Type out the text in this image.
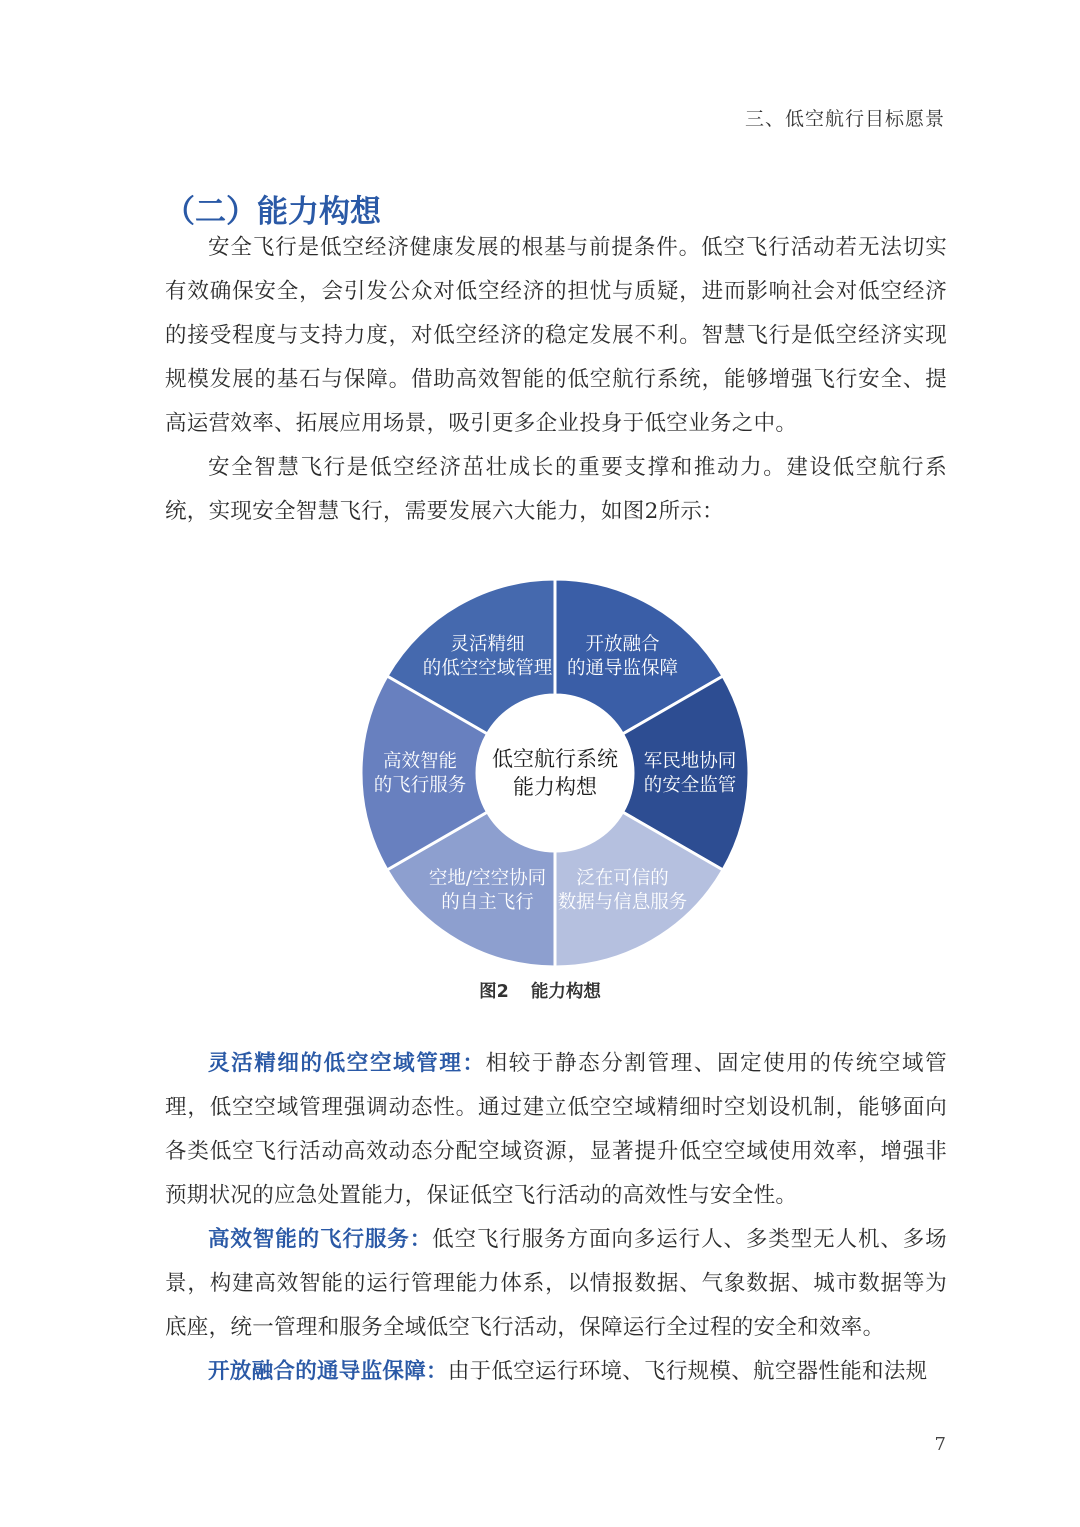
三、低空航行目标愿景
（二）能力构想

安全飞行是低空经济健康发展的根基与前提条件。低空飞行活动若无法切实有效确保安全，会引发公众对低空经济的担忧与质疑，进而影响社会对低空经济的接受程度与支持力度，对低空经济的稳定发展不利。智慧飞行是低空经济实现规模发展的基石与保障。借助高效智能的低空航行系统，能够增强飞行安全、提高运营效率、拓展应用场景，吸引更多企业投身于低空业务之中。

安全智慧飞行是低空经济茁壮成长的重要支撑和推动力。建设低空航行系统，实现安全智慧飞行，需要发展六大能力，如图2所示：

低空航行系统
能力构想
灵活精细
的低空空域管理
开放融合
的通导监保障
军民地协同
的安全监管
泛在可信的
数据与信息服务
空地/空空协同
的自主飞行
高效智能
的飞行服务
图2 能力构想

灵活精细的低空空域管理：相较于静态分割管理、固定使用的传统空域管理，低空空域管理强调动态性。通过建立低空空域精细时空划设机制，能够面向各类低空飞行活动高效动态分配空域资源，显著提升低空空域使用效率，增强非预期状况的应急处置能力，保证低空飞行活动的高效性与安全性。

高效智能的飞行服务：低空飞行服务方面向多运行人、多类型无人机、多场景，构建高效智能的运行管理能力体系，以情报数据、气象数据、城市数据等为底座，统一管理和服务全域低空飞行活动，保障运行全过程的安全和效率。

开放融合的通导监保障：由于低空运行环境、飞行规模、航空器性能和法规

7
